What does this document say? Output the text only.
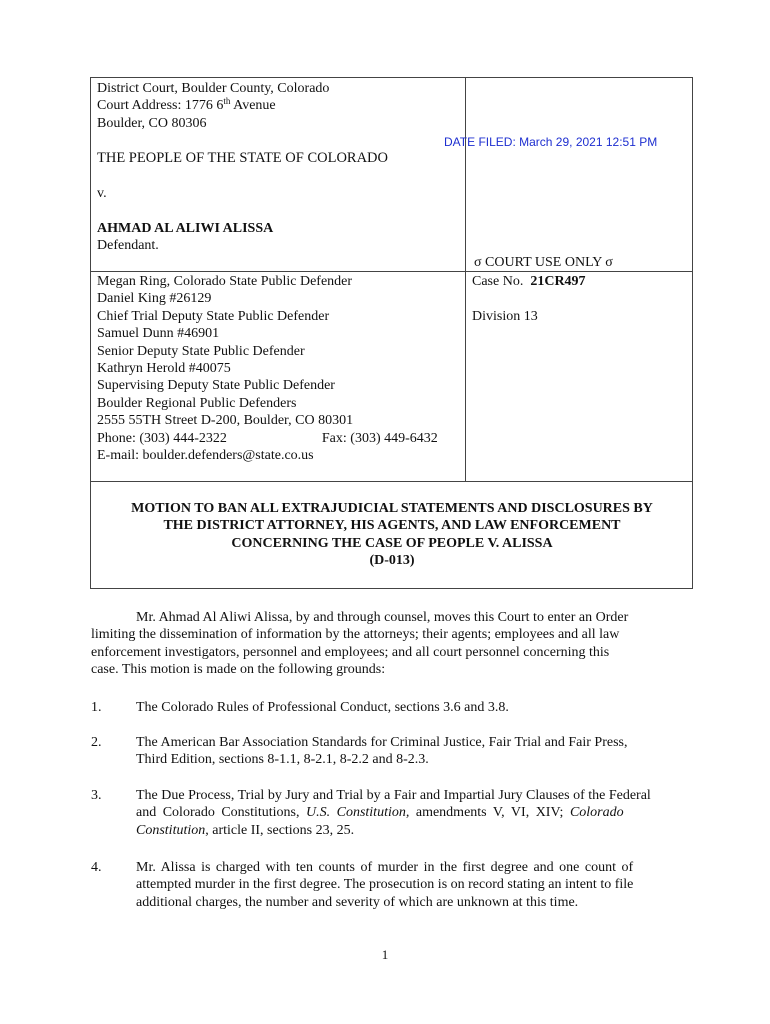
District Court, Boulder County, Colorado
Court Address: 1776 6th Avenue
Boulder, CO 80306
DATE FILED: March 29, 2021 12:51 PM
THE PEOPLE OF THE STATE OF COLORADO
v.
AHMAD AL ALIWI ALISSA
Defendant.
σ COURT USE ONLY σ
Case No. 21CR497
Division 13
Megan Ring, Colorado State Public Defender
Daniel King #26129
Chief Trial Deputy State Public Defender
Samuel Dunn #46901
Senior Deputy State Public Defender
Kathryn Herold #40075
Supervising Deputy State Public Defender
Boulder Regional Public Defenders
2555 55TH Street D-200, Boulder, CO 80301
Phone: (303) 444-2322	Fax: (303) 449-6432
E-mail: boulder.defenders@state.co.us
MOTION TO BAN ALL EXTRAJUDICIAL STATEMENTS AND DISCLOSURES BY
THE DISTRICT ATTORNEY, HIS AGENTS, AND LAW ENFORCEMENT
CONCERNING THE CASE OF PEOPLE V. ALISSA
(D-013)
Mr. Ahmad Al Aliwi Alissa, by and through counsel, moves this Court to enter an Order
limiting the dissemination of information by the attorneys; their agents; employees and all law
enforcement investigators, personnel and employees; and all court personnel concerning this
case. This motion is made on the following grounds:
1. The Colorado Rules of Professional Conduct, sections 3.6 and 3.8.
2. The American Bar Association Standards for Criminal Justice, Fair Trial and Fair Press,
Third Edition, sections 8-1.1, 8-2.1, 8-2.2 and 8-2.3.
3. The Due Process, Trial by Jury and Trial by a Fair and Impartial Jury Clauses of the Federal
and Colorado Constitutions, U.S. Constitution, amendments V, VI, XIV; Colorado
Constitution, article II, sections 23, 25.
4. Mr. Alissa is charged with ten counts of murder in the first degree and one count of
attempted murder in the first degree. The prosecution is on record stating an intent to file
additional charges, the number and severity of which are unknown at this time.
1
